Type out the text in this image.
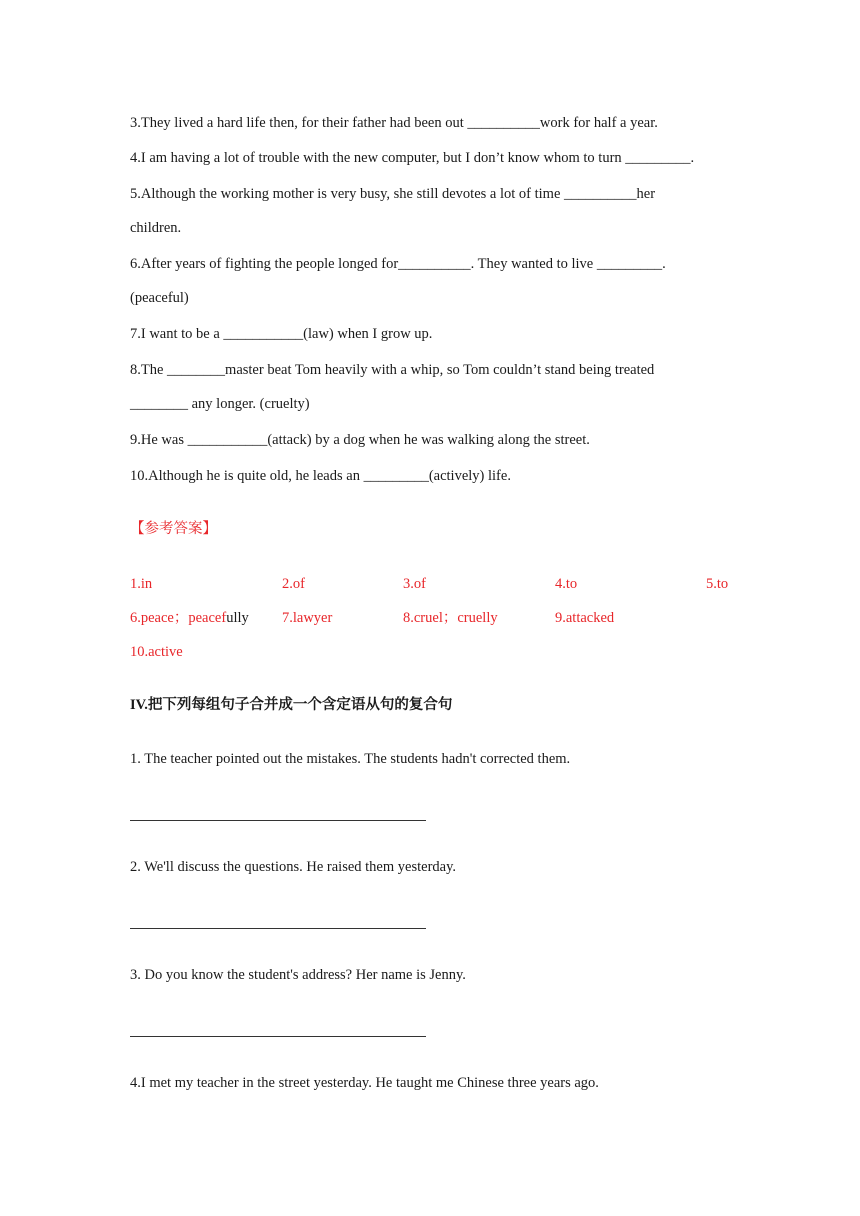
3.They lived a hard life then, for their father had been out __________work for half a year.
4.I am having a lot of trouble with the new computer, but I don’t know whom to turn _________.
5.Although the working mother is very busy, she still devotes a lot of time __________her
children.
6.After years of fighting the people longed for__________. They wanted to live _________.
(peaceful)
7.I want to be a ___________(law) when I grow up.
8.The ________master beat Tom heavily with a whip, so Tom couldn’t stand being treated
________ any longer. (cruelty)
9.He was ___________(attack) by a dog when he was walking along the street.
10.Although he is quite old, he leads an _________(actively) life.
【参考答案】
1.in	2.of	3.of	4.to	5.to
6.peace；peacefully 7.lawyer	8.cruel；cruelly	9.attacked
10.active
IV.把下列每组句子合并成一个含定语从句的复合句
1. The teacher pointed out the mistakes. The students hadn't corrected them.
2. We'll discuss the questions. He raised them yesterday.
3. Do you know the student's address? Her name is Jenny.
4.I met my teacher in the street yesterday. He taught me Chinese three years ago.
